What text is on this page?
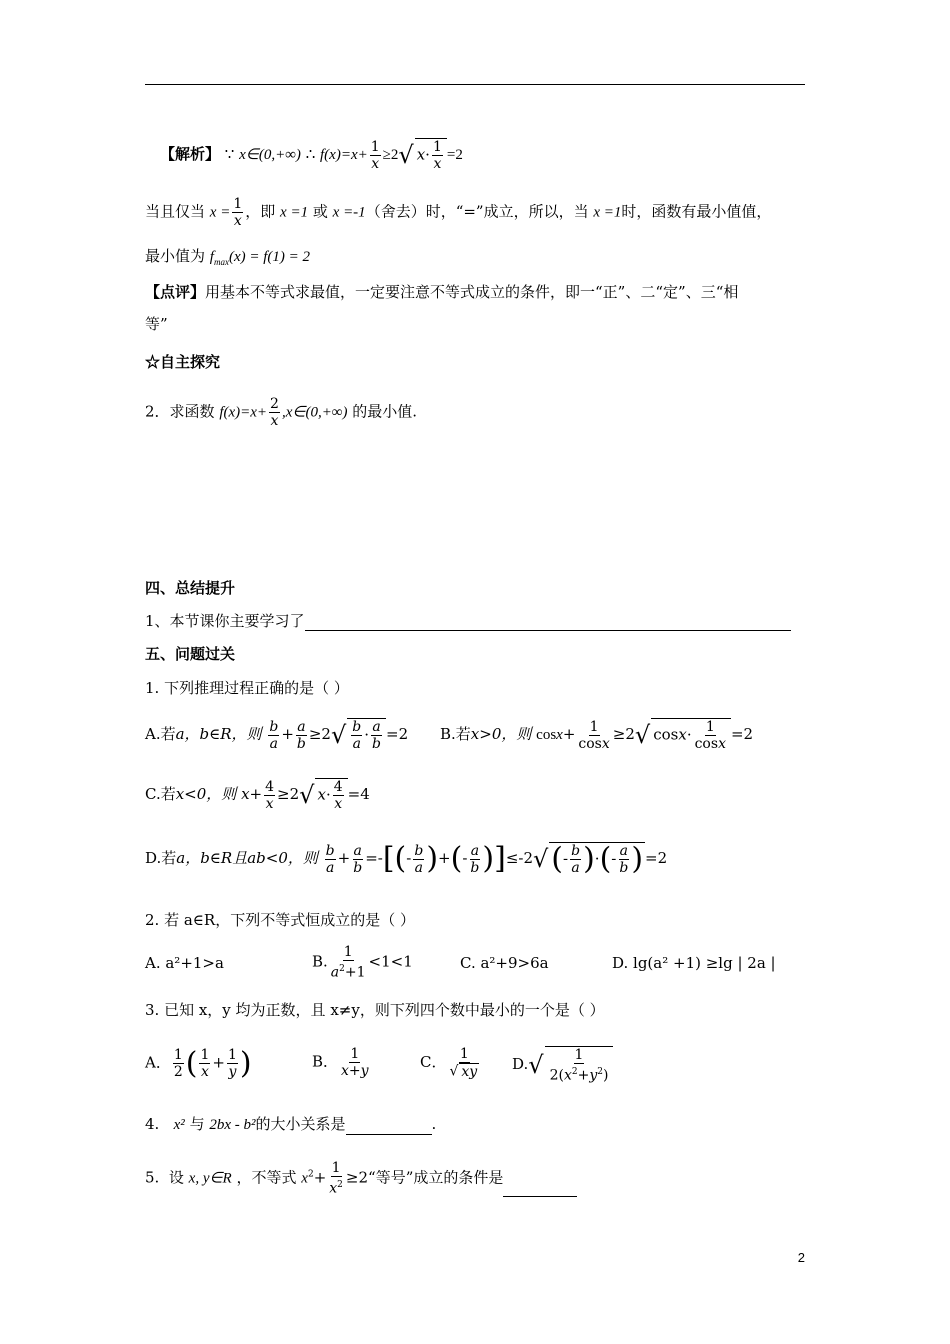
【解析】 ∵ x∈(0,+∞) ∴ $f(x)=x+ \frac{1}{x} \ge 2√$ $x\cdot \frac{1}{x} =2$
当且仅当 $x = \frac{1}{x}$ ，即 x =1 或 x =-1（舍去）时，“=”成立，所以，当 x =1时，函数有最小值值，
最小值为 $f_{max}(x) = f(1) = 2$
【点评】用基本不等式求最值，一定要注意不等式成立的条件，即一“正”、二“定”、三“相
等”
☆自主探究
2．求函数 $f(x)=x+ \frac{2}{x}$ ,x∈(0,+∞) 的最小值.
四、总结提升
1、本节课你主要学习了
五、问题过关
1. 下列推理过程正确的是（ ）
A.若a，b∈R，则 $\frac{b}{a} + \frac{a}{b} \ge 2√ \frac{b}{a} \cdot \frac{a}{b} =2$ B.若x>0，则 $\cos x+ \frac{1}{\cos x} \ge 2√$ $\cos x\cdot \frac{1}{\cos x} =2$
C.若x<0，则 $x+ \frac{4}{x} \ge 2√$ $x\cdot \frac{4}{x} =4$
D.若a，b∈R且ab<0，则 $\frac{b}{a} + \frac{a}{b}$ =-[(- $\frac{b}{a}$ )+(- $\frac{a}{b} )]\le-2√$ (- $\frac{b}{a}$ )·(- $\frac{a}{b}$ ) =2
2. 若 a∈R，下列不等式恒成立的是（ ）
A. a²+1>a	B. $\frac{1}{a^2+1} <1<1$	C. a²+9>6a	D. lg(a² +1) ≥lg | 2a |
3. 已知 x，y 均为正数，且 x≠y，则下列四个数中最小的一个是（ ）
A． $\frac{1}{2}$ ( $\frac{1}{x} + \frac{1}{y}$ )	B． $\frac{1}{x+y}$	C． $\frac{1}{√ xy} D.√ \frac{1}{2(x^2+y^2)}$
4. x² 与 2bx - b²的大小关系是	.
5. 设 x, y∈R ，不等式 $x^2+ \frac{1}{x^2}$ ≥2“等号”成立的条件是
2
